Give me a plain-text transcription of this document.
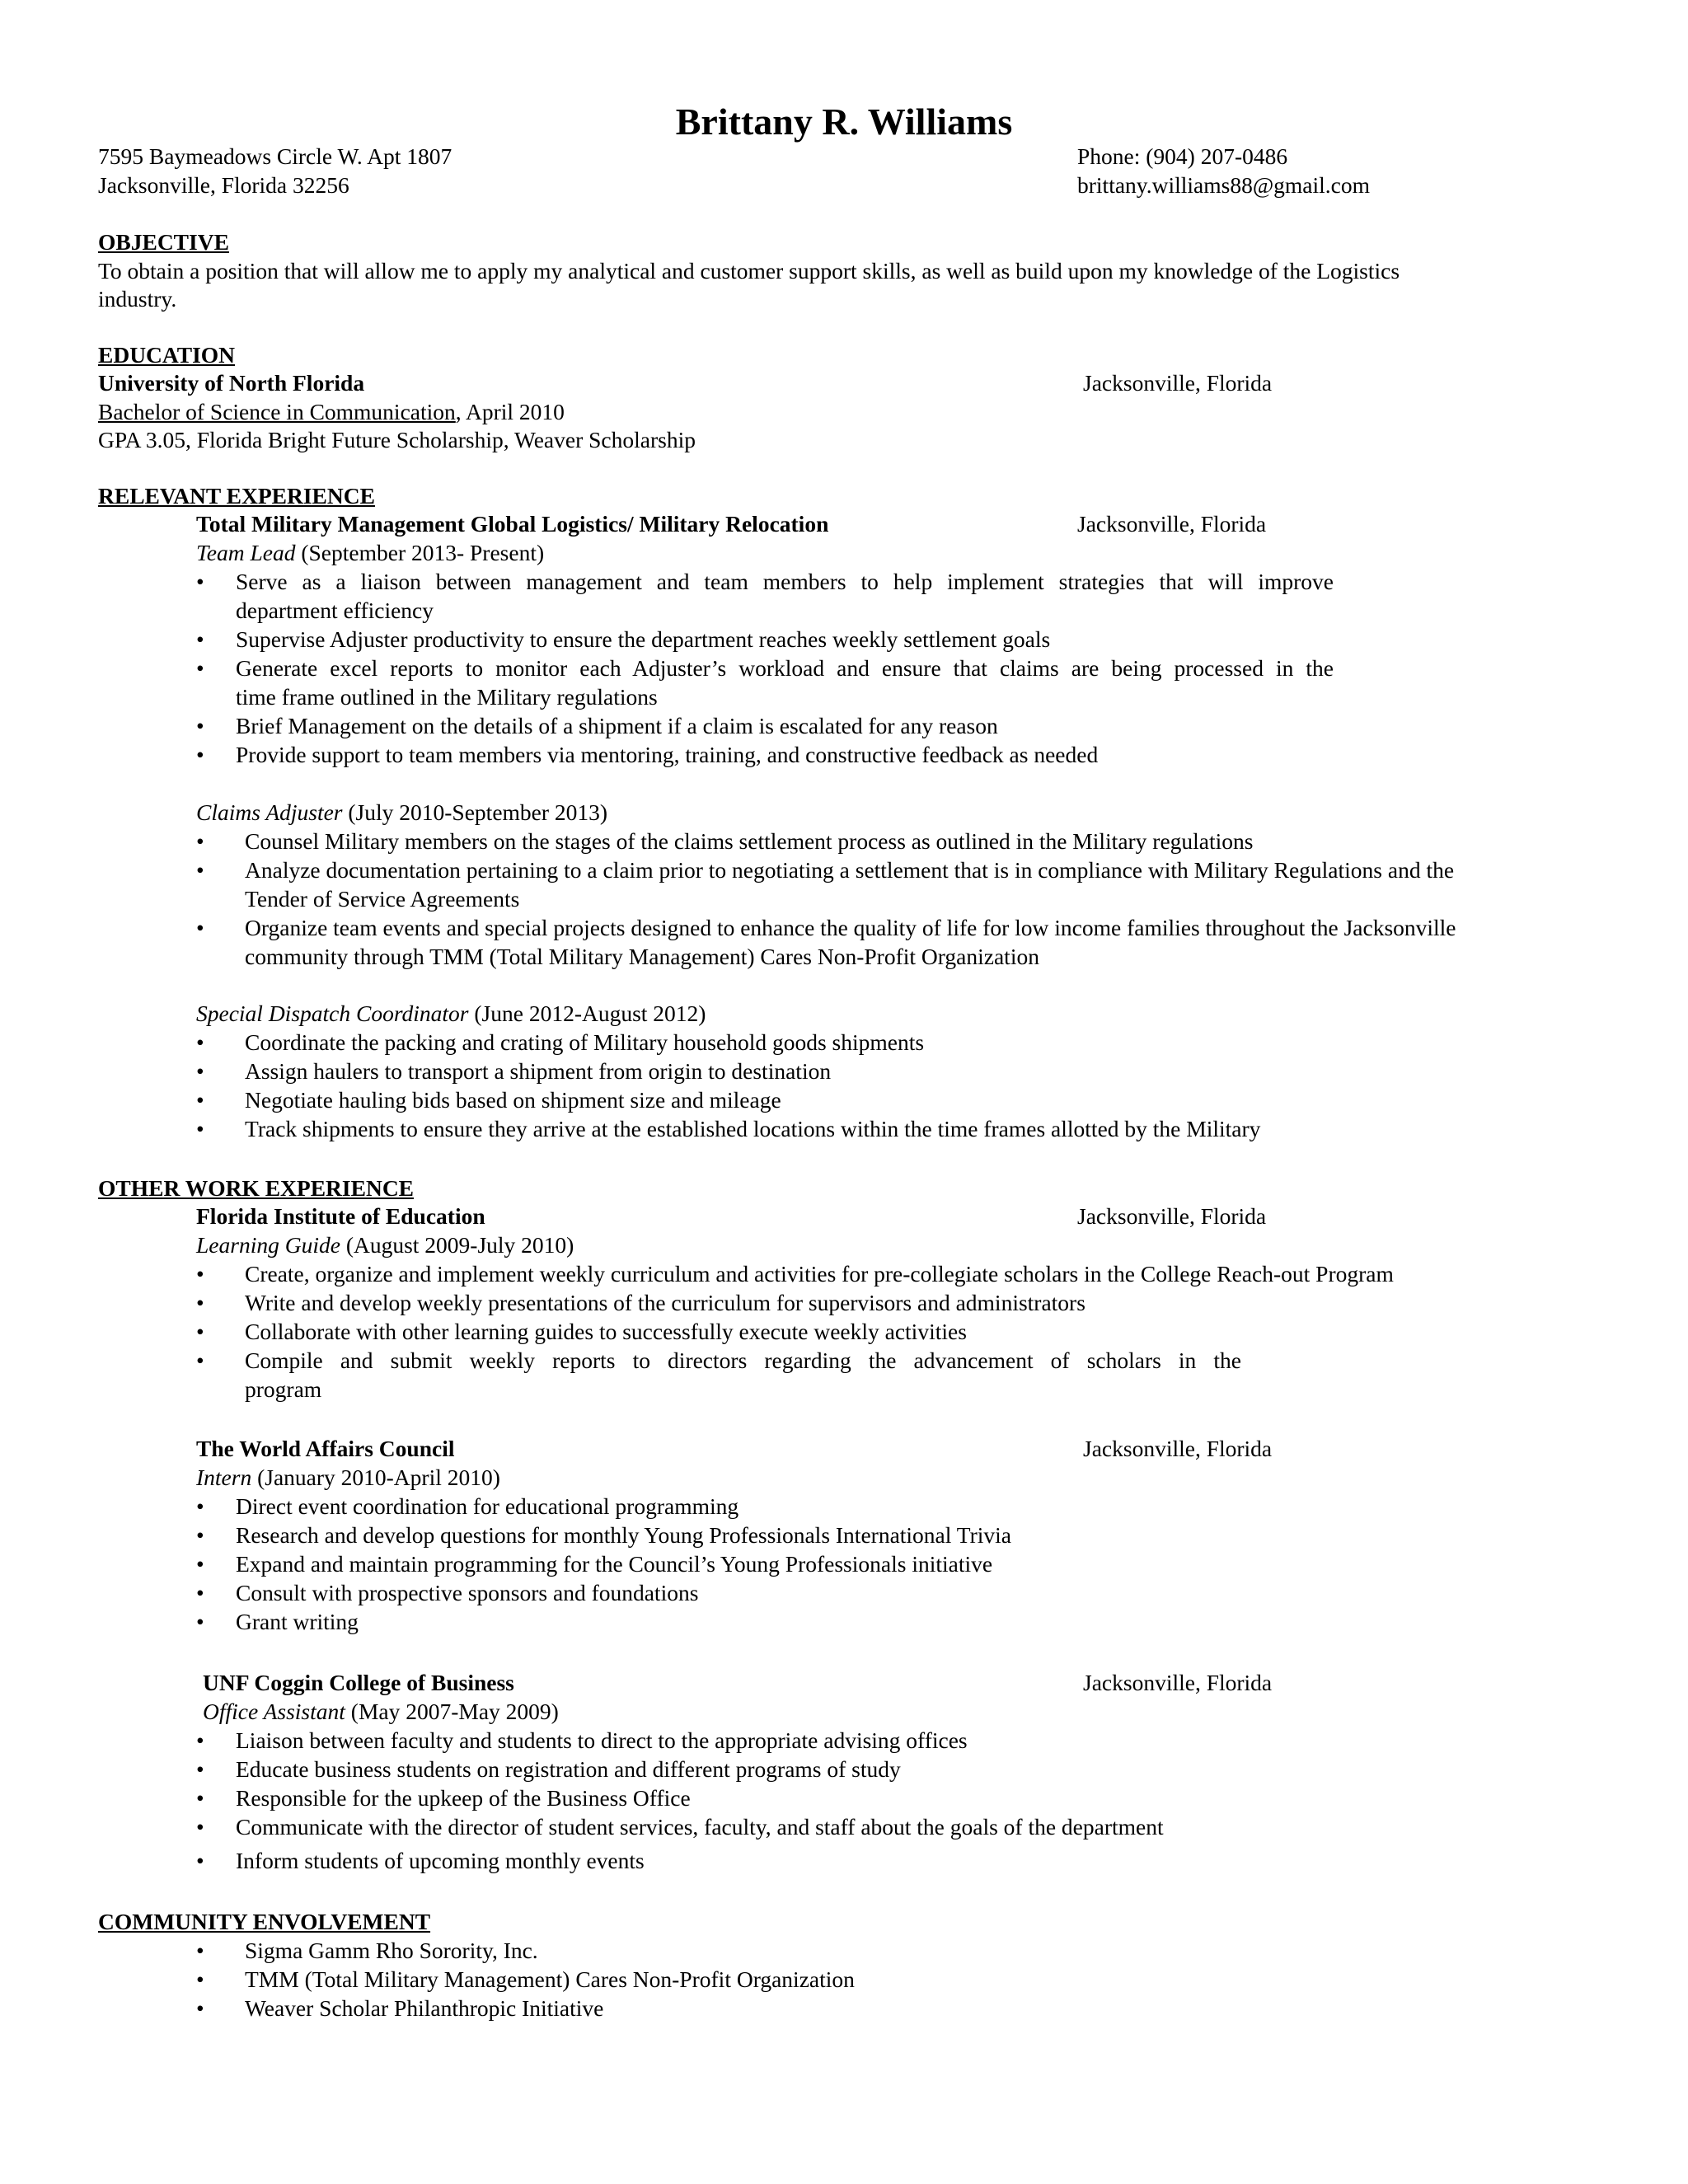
Brittany R. Williams
7595 Baymeadows Circle W. Apt 1807
Jacksonville, Florida 32256
Phone: (904) 207-0486
brittany.williams88@gmail.com
OBJECTIVE
To obtain a position that will allow me to apply my analytical and customer support skills, as well as build upon my knowledge of the Logistics
industry.
EDUCATION
University of North Florida	Jacksonville, Florida
Bachelor of Science in Communication, April 2010
GPA 3.05, Florida Bright Future Scholarship, Weaver Scholarship
RELEVANT EXPERIENCE
Total Military Management Global Logistics/ Military Relocation	Jacksonville, Florida
Team Lead (September 2013- Present)
• Serve as a liaison between management and team members to help implement strategies that will improve
department efficiency
• Supervise Adjuster productivity to ensure the department reaches weekly settlement goals
• Generate excel reports to monitor each Adjuster’s workload and ensure that claims are being processed in the
time frame outlined in the Military regulations
• Brief Management on the details of a shipment if a claim is escalated for any reason
• Provide support to team members via mentoring, training, and constructive feedback as needed
Claims Adjuster (July 2010-September 2013)
• Counsel Military members on the stages of the claims settlement process as outlined in the Military regulations
• Analyze documentation pertaining to a claim prior to negotiating a settlement that is in compliance with Military Regulations and the
Tender of Service Agreements
• Organize team events and special projects designed to enhance the quality of life for low income families throughout the Jacksonville
community through TMM (Total Military Management) Cares Non-Profit Organization
Special Dispatch Coordinator (June 2012-August 2012)
• Coordinate the packing and crating of Military household goods shipments
• Assign haulers to transport a shipment from origin to destination
• Negotiate hauling bids based on shipment size and mileage
• Track shipments to ensure they arrive at the established locations within the time frames allotted by the Military
OTHER WORK EXPERIENCE
Florida Institute of Education	Jacksonville, Florida
Learning Guide (August 2009-July 2010)
• Create, organize and implement weekly curriculum and activities for pre-collegiate scholars in the College Reach-out Program
• Write and develop weekly presentations of the curriculum for supervisors and administrators
• Collaborate with other learning guides to successfully execute weekly activities
• Compile and submit weekly reports to directors regarding the advancement of scholars in the
program
The World Affairs Council	Jacksonville, Florida
Intern (January 2010-April 2010)
• Direct event coordination for educational programming
• Research and develop questions for monthly Young Professionals International Trivia
• Expand and maintain programming for the Council’s Young Professionals initiative
• Consult with prospective sponsors and foundations
• Grant writing
UNF Coggin College of Business	Jacksonville, Florida
Office Assistant (May 2007-May 2009)
• Liaison between faculty and students to direct to the appropriate advising offices
• Educate business students on registration and different programs of study
• Responsible for the upkeep of the Business Office
• Communicate with the director of student services, faculty, and staff about the goals of the department
• Inform students of upcoming monthly events
COMMUNITY ENVOLVEMENT
• Sigma Gamm Rho Sorority, Inc.
• TMM (Total Military Management) Cares Non-Profit Organization
• Weaver Scholar Philanthropic Initiative
